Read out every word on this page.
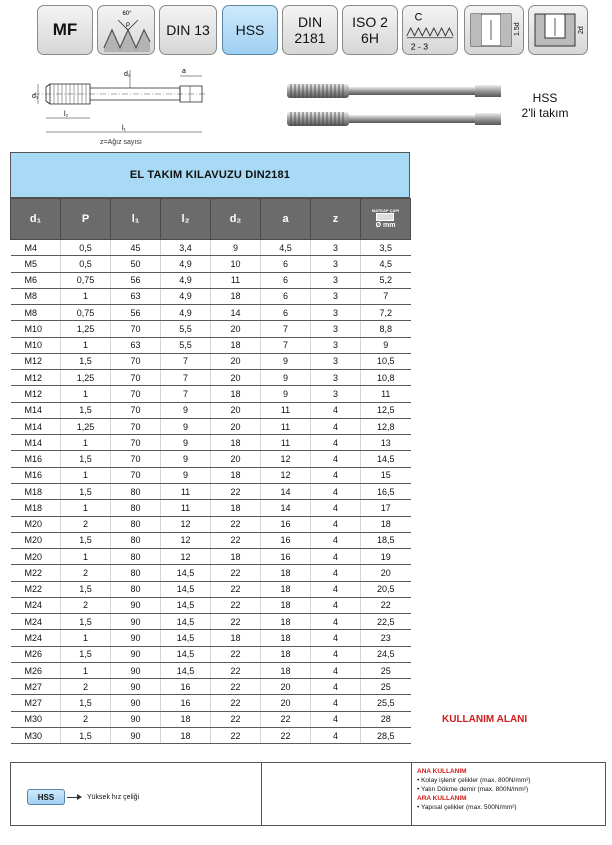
MF
60°
P	DIN 13 HSS DIN
2181
ISO 2
6H
C
2 - 3
1.5d	2d
d₁
d₂	a
l₂
l₁
z=Ağız sayısı
HSS
2'li takım
EL TAKIM KILAVUZU DIN2181
d₁	P	l₁	l₂	d₂	a	z	MATKAP ÇAPI
Ø mm

M4	0,5	45	3,4	9	4,5	3	3,5
M5	0,5	50	4,9	10	6	3	4,5
M6	0,75	56	4,9	11	6	3	5,2
M8	1	63	4,9	18	6	3	7
M8	0,75	56	4,9	14	6	3	7,2
M10	1,25	70	5,5	20	7	3	8,8
M10	1	63	5,5	18	7	3	9
M12	1,5	70	7	20	9	3	10,5
M12	1,25	70	7	20	9	3	10,8
M12	1	70	7	18	9	3	11
M14	1,5	70	9	20	11	4	12,5
M14	1,25	70	9	20	11	4	12,8
M14	1	70	9	18	11	4	13
M16	1,5	70	9	20	12	4	14,5
M16	1	70	9	18	12	4	15
M18	1,5	80	11	22	14	4	16,5
M18	1	80	11	18	14	4	17
M20	2	80	12	22	16	4	18
M20	1,5	80	12	22	16	4	18,5
M20	1	80	12	18	16	4	19
M22	2	80	14,5	22	18	4	20
M22	1,5	80	14,5	22	18	4	20,5
M24	2	90	14,5	22	18	4	22
M24	1,5	90	14,5	22	18	4	22,5
M24	1	90	14,5	18	18	4	23
M26	1,5	90	14,5	22	18	4	24,5
M26	1	90	14,5	22	18	4	25
M27	2	90	16	22	20	4	25
M27	1,5	90	16	22	20	4	25,5
M30	2	90	18	22	22	4	28
M30	1,5	90	18	22	22	4	28,5
KULLANIM ALANI
HSS	Yüksek hız çeliği
ANA KULLANIM
• Kolay işlenir çelikler (max. 800N/mm²)
• Yalın Dökme demir (max. 800N/mm²)
ARA KULLANIM
• Yapısal çelikler (max. 500N/mm²)
